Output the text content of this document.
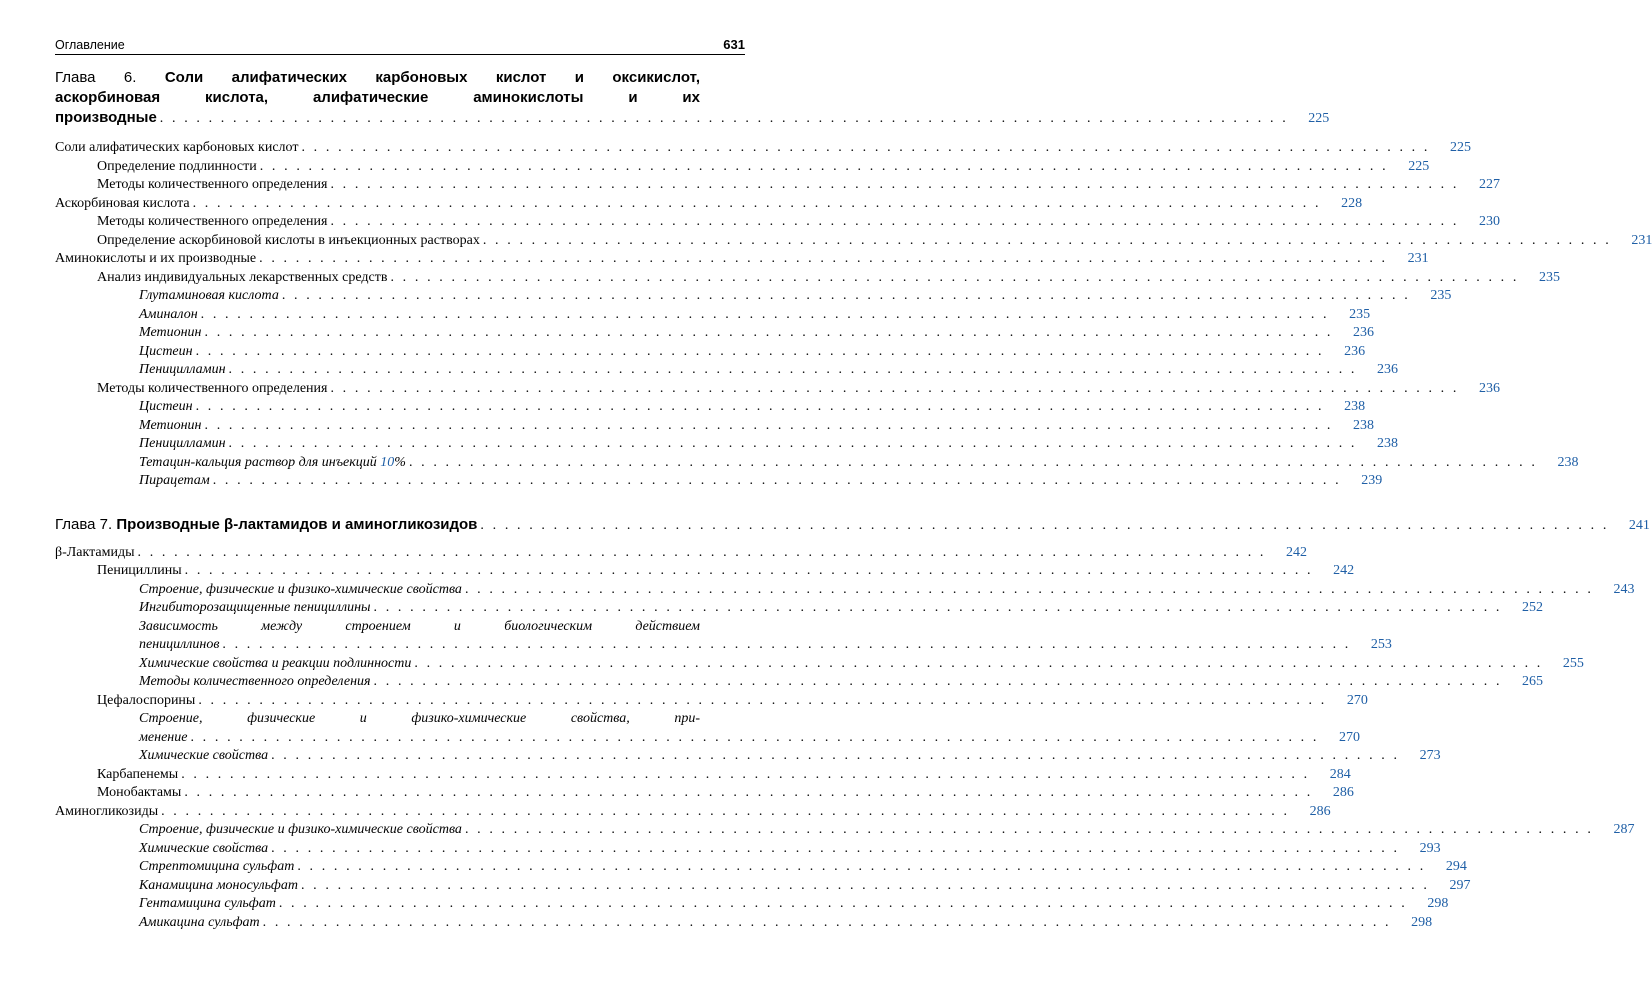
Оглавление	631
Глава 6. Соли алифатических карбоновых кислот и оксикислот,
аскорбиновая кислота, алифатические аминокислоты и их
производные . . . . . . . . . . . . . . . . . . . . . . . . . . . . . . . . . . . . . . . . . . . . . . . . . . . . . . . . . . . . . . . . . . . . . . . . . . . . . . . . . . . . . . . . . . . . .	225
Соли алифатических карбоновых кислот . . . . . . . . . . . . . . . . . . . . . . . . . . . . . . . . . . . . . . . . . . . . . . . . . . . . . . . . . . . . . . . . . . . . . . . . . . . . . . . . . . . . . . . . . . . . .	225
Определение подлинности . . . . . . . . . . . . . . . . . . . . . . . . . . . . . . . . . . . . . . . . . . . . . . . . . . . . . . . . . . . . . . . . . . . . . . . . . . . . . . . . . . . . . . . . . . . . .	225
Методы количественного определения . . . . . . . . . . . . . . . . . . . . . . . . . . . . . . . . . . . . . . . . . . . . . . . . . . . . . . . . . . . . . . . . . . . . . . . . . . . . . . . . . . . . . . . . . . . . .	227
Аскорбиновая кислота . . . . . . . . . . . . . . . . . . . . . . . . . . . . . . . . . . . . . . . . . . . . . . . . . . . . . . . . . . . . . . . . . . . . . . . . . . . . . . . . . . . . . . . . . . . . .	228
Методы количественного определения . . . . . . . . . . . . . . . . . . . . . . . . . . . . . . . . . . . . . . . . . . . . . . . . . . . . . . . . . . . . . . . . . . . . . . . . . . . . . . . . . . . . . . . . . . . . .	230
Определение аскорбиновой кислоты в инъекционных растворах . . . . . . . . . . . . . . . . . . . . . . . . . . . . . . . . . . . . . . . . . . . . . . . . . . . . . . . . . . . . . . . . . . . . . . . . . . . . . . . . . . . . . . . . . . . . .	231
Аминокислоты и их производные . . . . . . . . . . . . . . . . . . . . . . . . . . . . . . . . . . . . . . . . . . . . . . . . . . . . . . . . . . . . . . . . . . . . . . . . . . . . . . . . . . . . . . . . . . . . .	231
Анализ индивидуальных лекарственных средств . . . . . . . . . . . . . . . . . . . . . . . . . . . . . . . . . . . . . . . . . . . . . . . . . . . . . . . . . . . . . . . . . . . . . . . . . . . . . . . . . . . . . . . . . . . . .	235
Глутаминовая кислота . . . . . . . . . . . . . . . . . . . . . . . . . . . . . . . . . . . . . . . . . . . . . . . . . . . . . . . . . . . . . . . . . . . . . . . . . . . . . . . . . . . . . . . . . . . . .	235
Аминалон . . . . . . . . . . . . . . . . . . . . . . . . . . . . . . . . . . . . . . . . . . . . . . . . . . . . . . . . . . . . . . . . . . . . . . . . . . . . . . . . . . . . . . . . . . . . .	235
Метионин . . . . . . . . . . . . . . . . . . . . . . . . . . . . . . . . . . . . . . . . . . . . . . . . . . . . . . . . . . . . . . . . . . . . . . . . . . . . . . . . . . . . . . . . . . . . .	236
Цистеин . . . . . . . . . . . . . . . . . . . . . . . . . . . . . . . . . . . . . . . . . . . . . . . . . . . . . . . . . . . . . . . . . . . . . . . . . . . . . . . . . . . . . . . . . . . . .	236
Пеницилламин . . . . . . . . . . . . . . . . . . . . . . . . . . . . . . . . . . . . . . . . . . . . . . . . . . . . . . . . . . . . . . . . . . . . . . . . . . . . . . . . . . . . . . . . . . . . .	236
Методы количественного определения . . . . . . . . . . . . . . . . . . . . . . . . . . . . . . . . . . . . . . . . . . . . . . . . . . . . . . . . . . . . . . . . . . . . . . . . . . . . . . . . . . . . . . . . . . . . .	236
Цистеин . . . . . . . . . . . . . . . . . . . . . . . . . . . . . . . . . . . . . . . . . . . . . . . . . . . . . . . . . . . . . . . . . . . . . . . . . . . . . . . . . . . . . . . . . . . . .	238
Метионин . . . . . . . . . . . . . . . . . . . . . . . . . . . . . . . . . . . . . . . . . . . . . . . . . . . . . . . . . . . . . . . . . . . . . . . . . . . . . . . . . . . . . . . . . . . . .	238
Пеницилламин . . . . . . . . . . . . . . . . . . . . . . . . . . . . . . . . . . . . . . . . . . . . . . . . . . . . . . . . . . . . . . . . . . . . . . . . . . . . . . . . . . . . . . . . . . . . .	238
Тетацин-кальция раствор для инъекций 10% . . . . . . . . . . . . . . . . . . . . . . . . . . . . . . . . . . . . . . . . . . . . . . . . . . . . . . . . . . . . . . . . . . . . . . . . . . . . . . . . . . . . . . . . . . . . .	238
Пирацетам . . . . . . . . . . . . . . . . . . . . . . . . . . . . . . . . . . . . . . . . . . . . . . . . . . . . . . . . . . . . . . . . . . . . . . . . . . . . . . . . . . . . . . . . . . . . .	239
Глава 7. Производные β-лактамидов и аминогликозидов . . . . . . . . . . . . . . . . . . . . . . . . . . . . . . . . . . . . . . . . . . . . . . . . . . . . . . . . . . . . . . . . . . . . . . . . . . . . . . . . . . . . . . . . . . . . .	241
β-Лактамиды . . . . . . . . . . . . . . . . . . . . . . . . . . . . . . . . . . . . . . . . . . . . . . . . . . . . . . . . . . . . . . . . . . . . . . . . . . . . . . . . . . . . . . . . . . . . .	242
Пенициллины . . . . . . . . . . . . . . . . . . . . . . . . . . . . . . . . . . . . . . . . . . . . . . . . . . . . . . . . . . . . . . . . . . . . . . . . . . . . . . . . . . . . . . . . . . . . .	242
Строение, физические и физико-химические свойства . . . . . . . . . . . . . . . . . . . . . . . . . . . . . . . . . . . . . . . . . . . . . . . . . . . . . . . . . . . . . . . . . . . . . . . . . . . . . . . . . . . . . . . . . . . . .	243
Ингибиторозащищенные пенициллины . . . . . . . . . . . . . . . . . . . . . . . . . . . . . . . . . . . . . . . . . . . . . . . . . . . . . . . . . . . . . . . . . . . . . . . . . . . . . . . . . . . . . . . . . . . . .	252
Зависимость между строением и биологическим действием
пенициллинов . . . . . . . . . . . . . . . . . . . . . . . . . . . . . . . . . . . . . . . . . . . . . . . . . . . . . . . . . . . . . . . . . . . . . . . . . . . . . . . . . . . . . . . . . . . . .	253
Химические свойства и реакции подлинности . . . . . . . . . . . . . . . . . . . . . . . . . . . . . . . . . . . . . . . . . . . . . . . . . . . . . . . . . . . . . . . . . . . . . . . . . . . . . . . . . . . . . . . . . . . . .	255
Методы количественного определения . . . . . . . . . . . . . . . . . . . . . . . . . . . . . . . . . . . . . . . . . . . . . . . . . . . . . . . . . . . . . . . . . . . . . . . . . . . . . . . . . . . . . . . . . . . . .	265
Цефалоспорины . . . . . . . . . . . . . . . . . . . . . . . . . . . . . . . . . . . . . . . . . . . . . . . . . . . . . . . . . . . . . . . . . . . . . . . . . . . . . . . . . . . . . . . . . . . . .	270
Строение, физические и физико-химические свойства, при-
менение . . . . . . . . . . . . . . . . . . . . . . . . . . . . . . . . . . . . . . . . . . . . . . . . . . . . . . . . . . . . . . . . . . . . . . . . . . . . . . . . . . . . . . . . . . . . .	270
Химические свойства . . . . . . . . . . . . . . . . . . . . . . . . . . . . . . . . . . . . . . . . . . . . . . . . . . . . . . . . . . . . . . . . . . . . . . . . . . . . . . . . . . . . . . . . . . . . .	273
Карбапенемы . . . . . . . . . . . . . . . . . . . . . . . . . . . . . . . . . . . . . . . . . . . . . . . . . . . . . . . . . . . . . . . . . . . . . . . . . . . . . . . . . . . . . . . . . . . . .	284
Монобактамы . . . . . . . . . . . . . . . . . . . . . . . . . . . . . . . . . . . . . . . . . . . . . . . . . . . . . . . . . . . . . . . . . . . . . . . . . . . . . . . . . . . . . . . . . . . . .	286
Аминогликозиды . . . . . . . . . . . . . . . . . . . . . . . . . . . . . . . . . . . . . . . . . . . . . . . . . . . . . . . . . . . . . . . . . . . . . . . . . . . . . . . . . . . . . . . . . . . . .	286
Строение, физические и физико-химические свойства . . . . . . . . . . . . . . . . . . . . . . . . . . . . . . . . . . . . . . . . . . . . . . . . . . . . . . . . . . . . . . . . . . . . . . . . . . . . . . . . . . . . . . . . . . . . .	287
Химические свойства . . . . . . . . . . . . . . . . . . . . . . . . . . . . . . . . . . . . . . . . . . . . . . . . . . . . . . . . . . . . . . . . . . . . . . . . . . . . . . . . . . . . . . . . . . . . .	293
Стрептомицина сульфат . . . . . . . . . . . . . . . . . . . . . . . . . . . . . . . . . . . . . . . . . . . . . . . . . . . . . . . . . . . . . . . . . . . . . . . . . . . . . . . . . . . . . . . . . . . . .	294
Канамицина моносульфат . . . . . . . . . . . . . . . . . . . . . . . . . . . . . . . . . . . . . . . . . . . . . . . . . . . . . . . . . . . . . . . . . . . . . . . . . . . . . . . . . . . . . . . . . . . . .	297
Гентамицина сульфат . . . . . . . . . . . . . . . . . . . . . . . . . . . . . . . . . . . . . . . . . . . . . . . . . . . . . . . . . . . . . . . . . . . . . . . . . . . . . . . . . . . . . . . . . . . . .	298
Амикацина сульфат . . . . . . . . . . . . . . . . . . . . . . . . . . . . . . . . . . . . . . . . . . . . . . . . . . . . . . . . . . . . . . . . . . . . . . . . . . . . . . . . . . . . . . . . . . . . .	298
